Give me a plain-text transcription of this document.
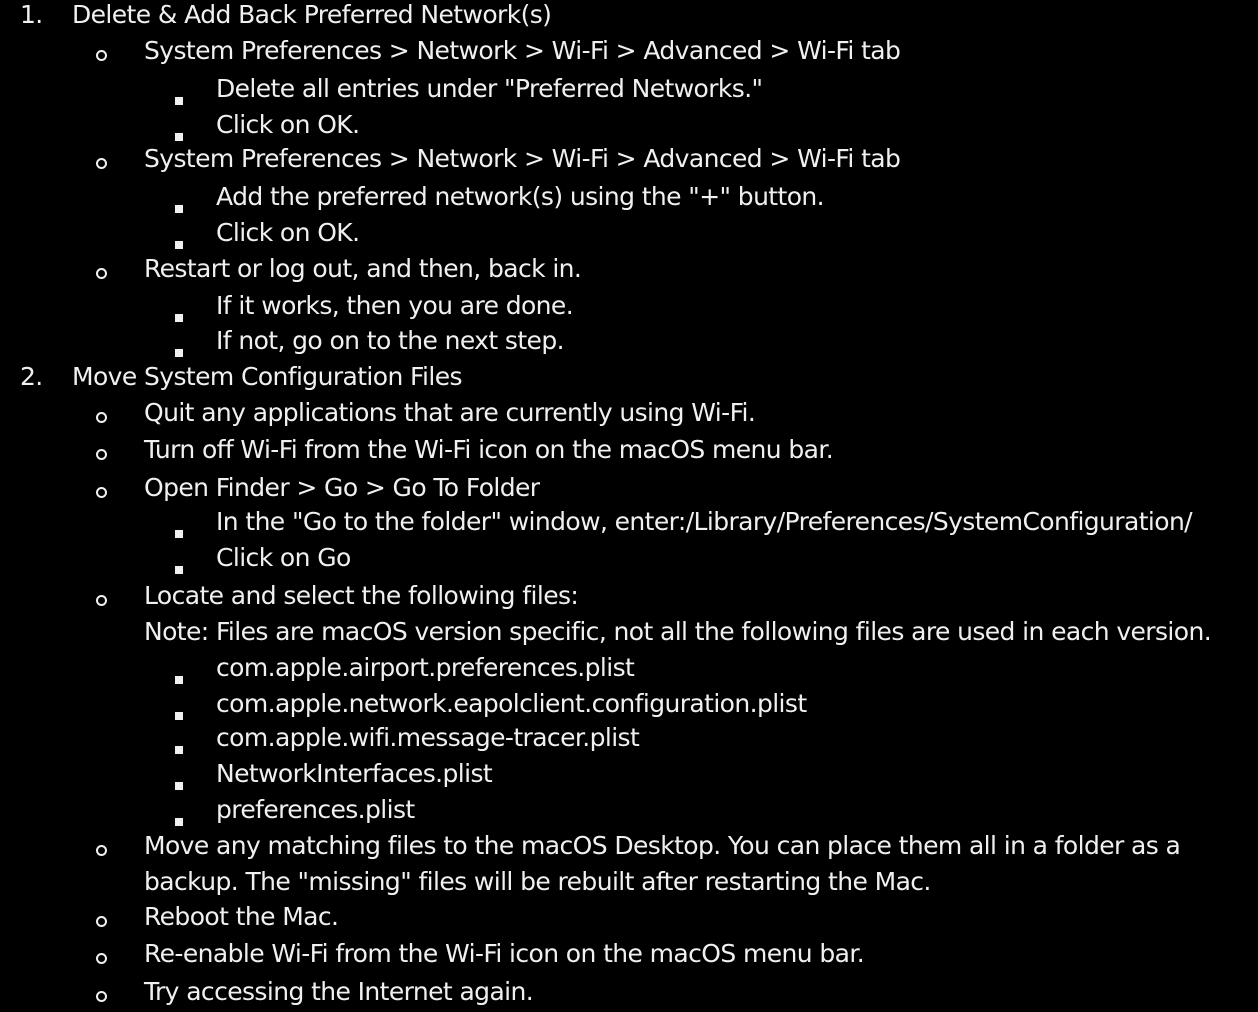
1. Delete & Add Back Preferred Network(s)
System Preferences > Network > Wi-Fi > Advanced > Wi-Fi tab
Delete all entries under "Preferred Networks."
Click on OK.
System Preferences > Network > Wi-Fi > Advanced > Wi-Fi tab
Add the preferred network(s) using the "+" button.
Click on OK.
Restart or log out, and then, back in.
If it works, then you are done.
If not, go on to the next step.
2. Move System Configuration Files
Quit any applications that are currently using Wi-Fi.
Turn off Wi-Fi from the Wi-Fi icon on the macOS menu bar.
Open Finder > Go > Go To Folder
In the "Go to the folder" window, enter:/Library/Preferences/SystemConfiguration/
Click on Go
Locate and select the following files:
Note: Files are macOS version specific, not all the following files are used in each version.
com.apple.airport.preferences.plist
com.apple.network.eapolclient.configuration.plist
com.apple.wifi.message-tracer.plist
NetworkInterfaces.plist
preferences.plist
Move any matching files to the macOS Desktop. You can place them all in a folder as a
backup. The "missing" files will be rebuilt after restarting the Mac.
Reboot the Mac.
Re-enable Wi-Fi from the Wi-Fi icon on the macOS menu bar.
Try accessing the Internet again.
